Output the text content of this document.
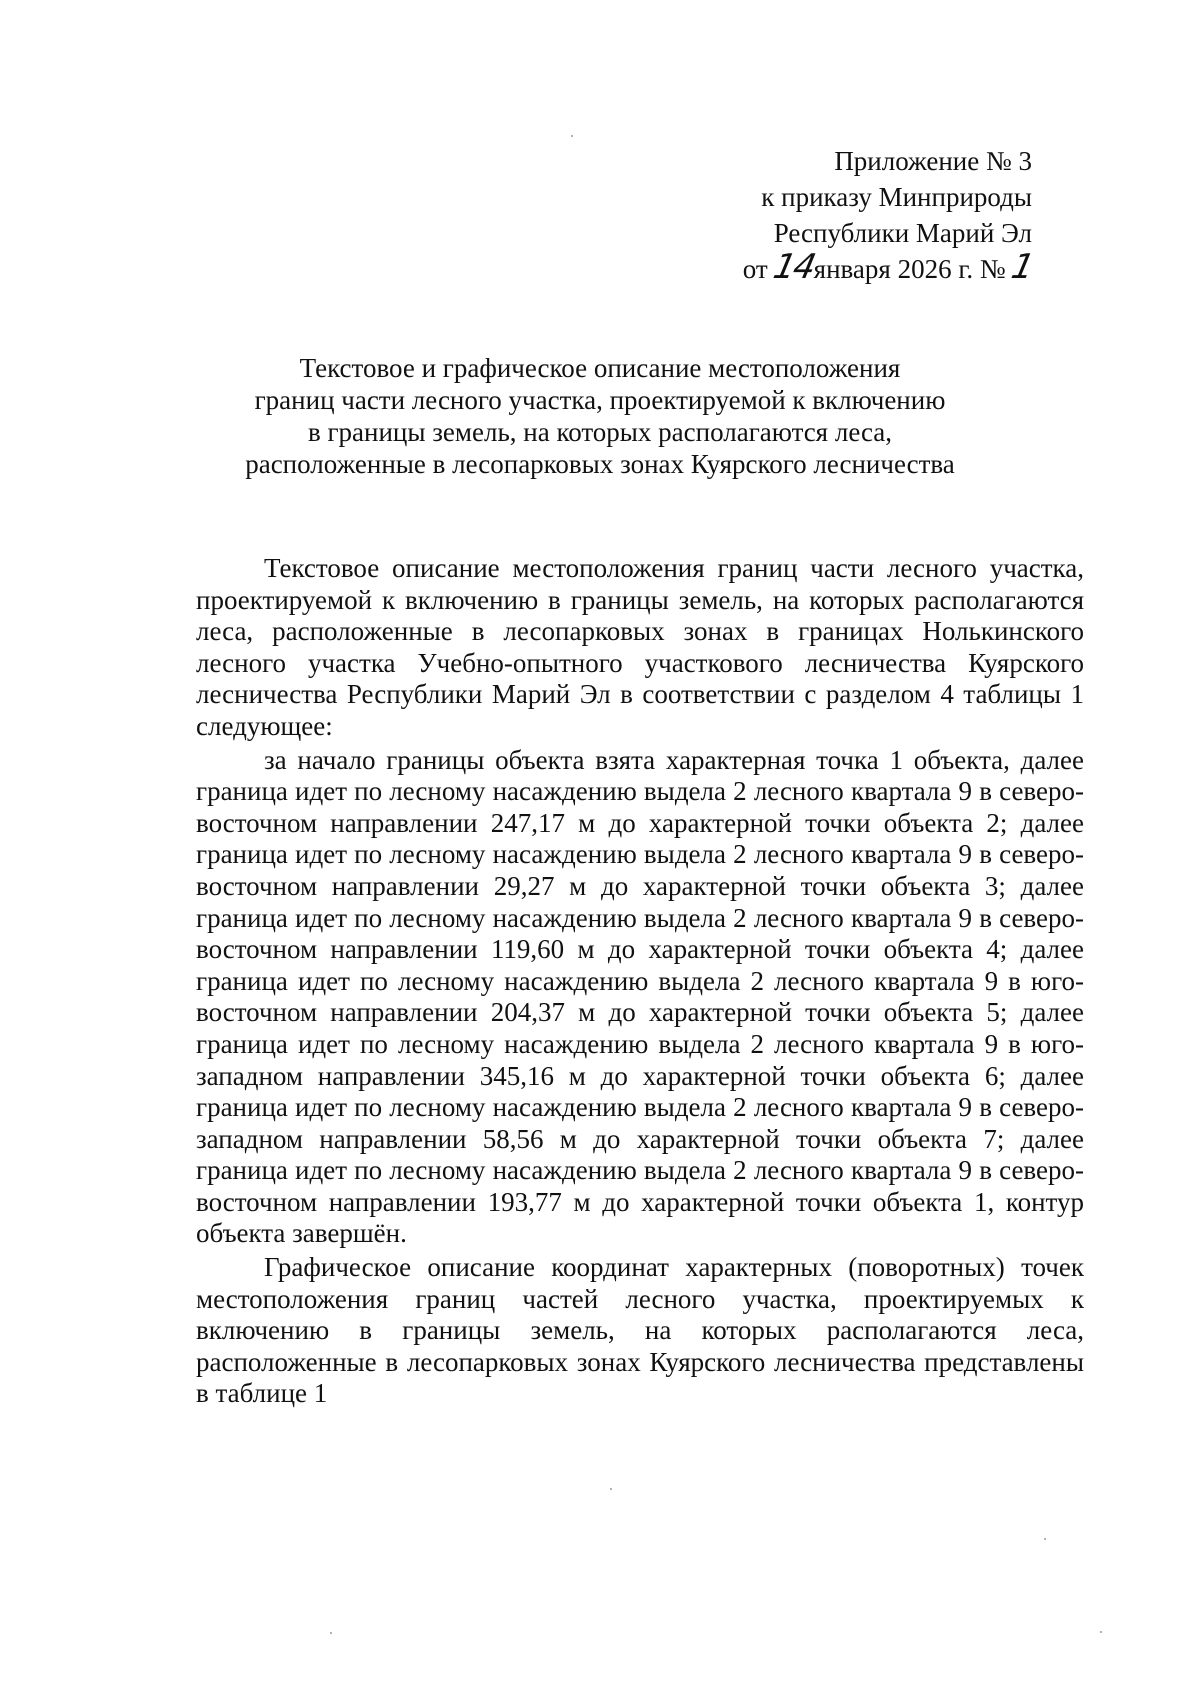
Приложение № 3
к приказу Минприроды
Республики Марий Эл
от 14января 2026 г. № 1
Текстовое и графическое описание местоположения
границ части лесного участка, проектируемой к включению
в границы земель, на которых располагаются леса,
расположенные в лесопарковых зонах Куярского лесничества

Текстовое описание местоположения границ части лесного участка, проектируемой к включению в границы земель, на которых располагаются леса, расположенные в лесопарковых зонах в границах Нолькинского лесного участка Учебно-опытного участкового лесничества Куярского лесничества Республики Марий Эл в соответствии с разделом 4 таблицы 1 следующее:

за начало границы объекта взята характерная точка 1 объекта, далее граница идет по лесному насаждению выдела 2 лесного квартала 9 в северо-восточном направлении 247,17 м до характерной точки объекта 2; далее граница идет по лесному насаждению выдела 2 лесного квартала 9 в северо-восточном направлении 29,27 м до характерной точки объекта 3; далее граница идет по лесному насаждению выдела 2 лесного квартала 9 в северо-восточном направлении 119,60 м до характерной точки объекта 4; далее граница идет по лесному насаждению выдела 2 лесного квартала 9 в юго-восточном направлении 204,37 м до характерной точки объекта 5; далее граница идет по лесному насаждению выдела 2 лесного квартала 9 в юго-западном направлении 345,16 м до характерной точки объекта 6; далее граница идет по лесному насаждению выдела 2 лесного квартала 9 в северо-западном направлении 58,56 м до характерной точки объекта 7; далее граница идет по лесному насаждению выдела 2 лесного квартала 9 в северо-восточном направлении 193,77 м до характерной точки объекта 1, контур объекта завершён.

Графическое описание координат характерных (поворотных) точек местоположения границ частей лесного участка, проектируемых к включению в границы земель, на которых располагаются леса, расположенные в лесопарковых зонах Куярского лесничества представлены в таблице 1
